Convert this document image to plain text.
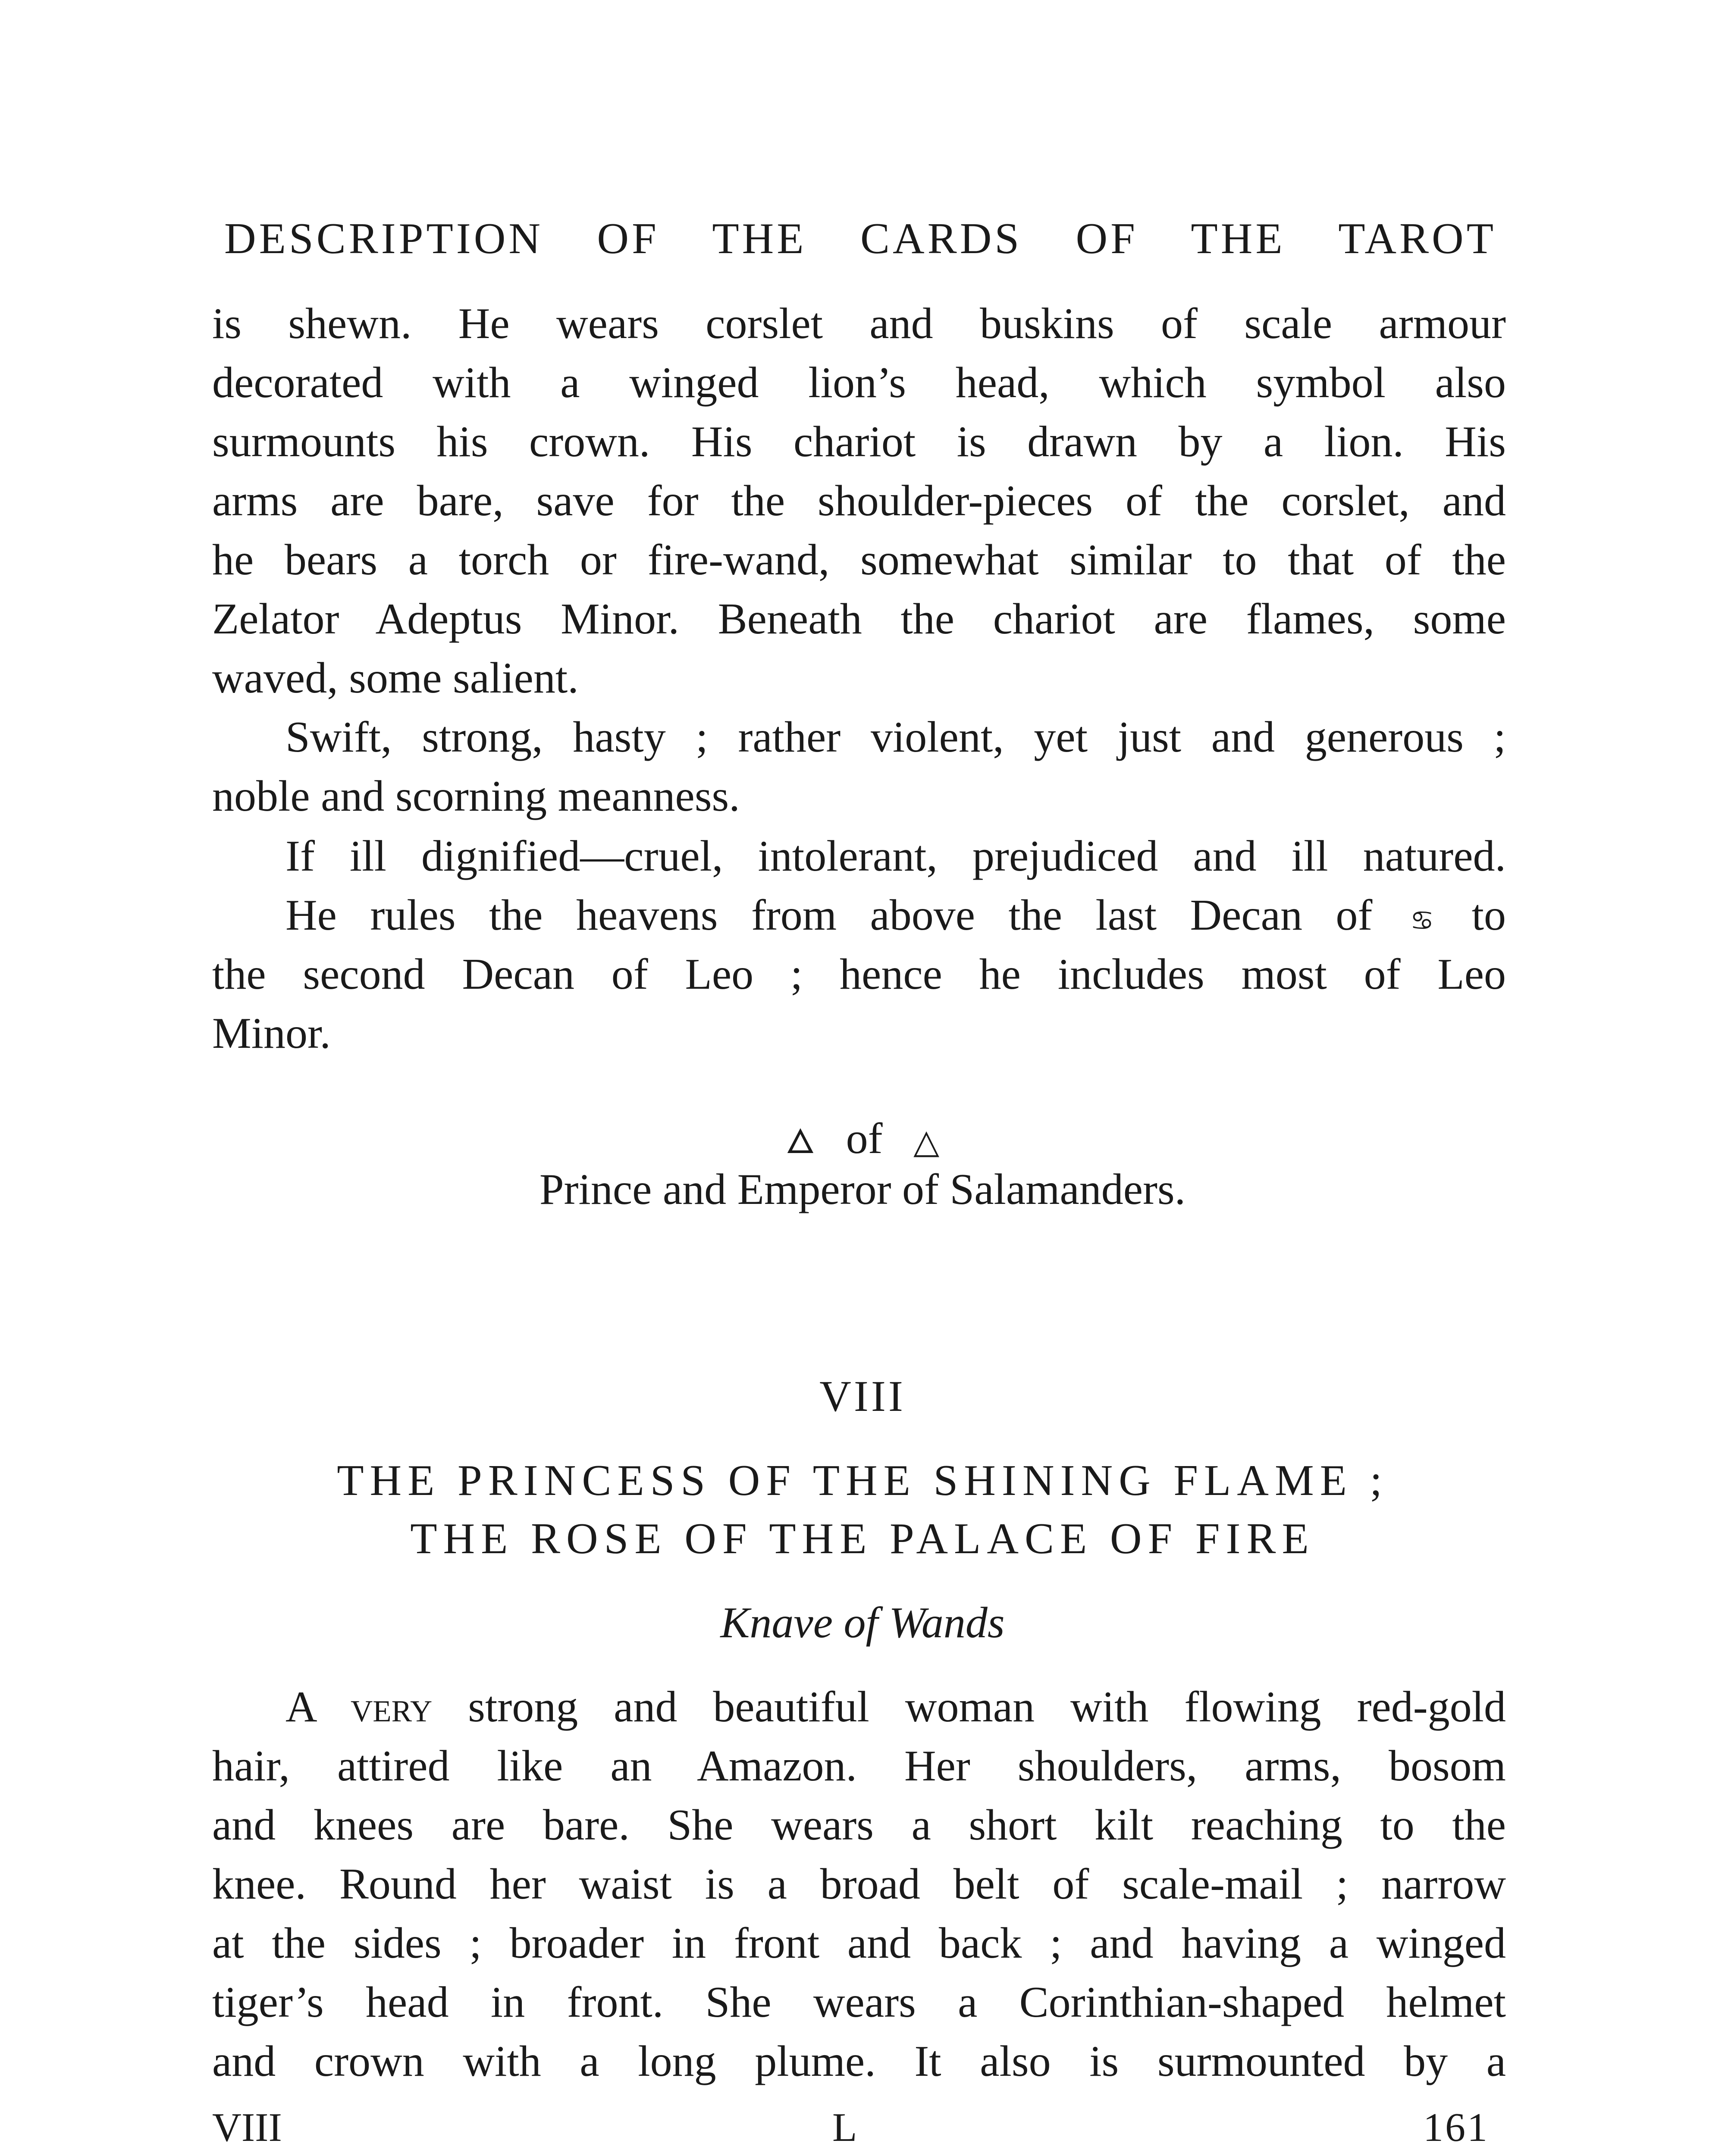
DESCRIPTION OF THE CARDS OF THE TAROT
is shewn. He wears corslet and buskins of scale armour
decorated with a winged lion’s head, which symbol also
surmounts his crown. His chariot is drawn by a lion. His
arms are bare, save for the shoulder-pieces of the corslet, and
he bears a torch or fire-wand, somewhat similar to that of the
Zelator Adeptus Minor. Beneath the chariot are flames, some
waved, some salient.
Swift, strong, hasty ; rather violent, yet just and generous ;
noble and scorning meanness.
If ill dignified—cruel, intolerant, prejudiced and ill natured.
He rules the heavens from above the last Decan of ♋ to
the second Decan of Leo ; hence he includes most of Leo
Minor.
🜂 of △
Prince and Emperor of Salamanders.
VIII
THE PRINCESS OF THE SHINING FLAME ;
THE ROSE OF THE PALACE OF FIRE
Knave of Wands
A very strong and beautiful woman with flowing red-gold
hair, attired like an Amazon. Her shoulders, arms, bosom
and knees are bare. She wears a short kilt reaching to the
knee. Round her waist is a broad belt of scale-mail ; narrow
at the sides ; broader in front and back ; and having a winged
tiger’s head in front. She wears a Corinthian-shaped helmet
and crown with a long plume. It also is surmounted by a
VIII	L	161
